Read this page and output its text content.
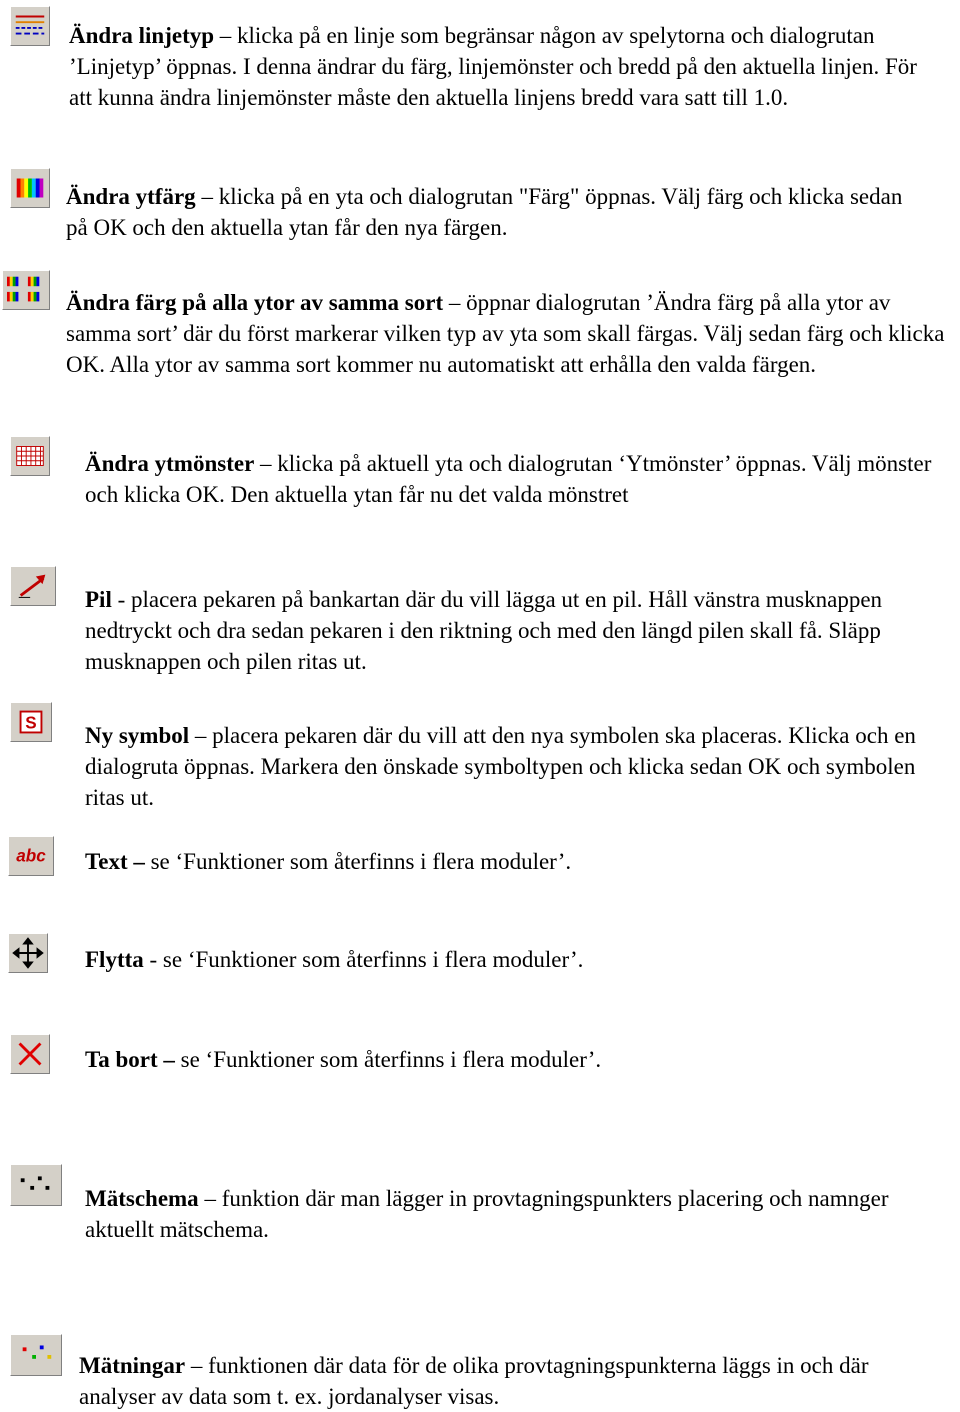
Ändra linjetyp – klicka på en linje som begränsar någon av spelytorna och dialogrutan ’Linjetyp’ öppnas. I denna ändrar du färg, linjemönster och bredd på den aktuella linjen. För att kunna ändra linjemönster måste den aktuella linjens bredd vara satt till 1.0.
Ändra ytfärg – klicka på en yta och dialogrutan "Färg" öppnas. Välj färg och klicka sedan på OK och den aktuella ytan får den nya färgen.
Ändra färg på alla ytor av samma sort – öppnar dialogrutan ’Ändra färg på alla ytor av samma sort’ där du först markerar vilken typ av yta som skall färgas. Välj sedan färg och klicka OK. Alla ytor av samma sort kommer nu automatiskt att erhålla den valda färgen.
Ändra ytmönster – klicka på aktuell yta och dialogrutan ‘Ytmönster’ öppnas. Välj mönster och klicka OK. Den aktuella ytan får nu det valda mönstret
Pil - placera pekaren på bankartan där du vill lägga ut en pil. Håll vänstra musknappen nedtryckt och dra sedan pekaren i den riktning och med den längd pilen skall få. Släpp musknappen och pilen ritas ut.
S Ny symbol – placera pekaren där du vill att den nya symbolen ska placeras. Klicka och en dialogruta öppnas. Markera den önskade symboltypen och klicka sedan OK och symbolen ritas ut.
abc Text – se ‘Funktioner som återfinns i flera moduler’.
Flytta - se ‘Funktioner som återfinns i flera moduler’.
Ta bort – se ‘Funktioner som återfinns i flera moduler’.
Mätschema – funktion där man lägger in provtagningspunkters placering och namnger aktuellt mätschema.
Mätningar – funktionen där data för de olika provtagningspunkterna läggs in och där analyser av data som t. ex. jordanalyser visas.
